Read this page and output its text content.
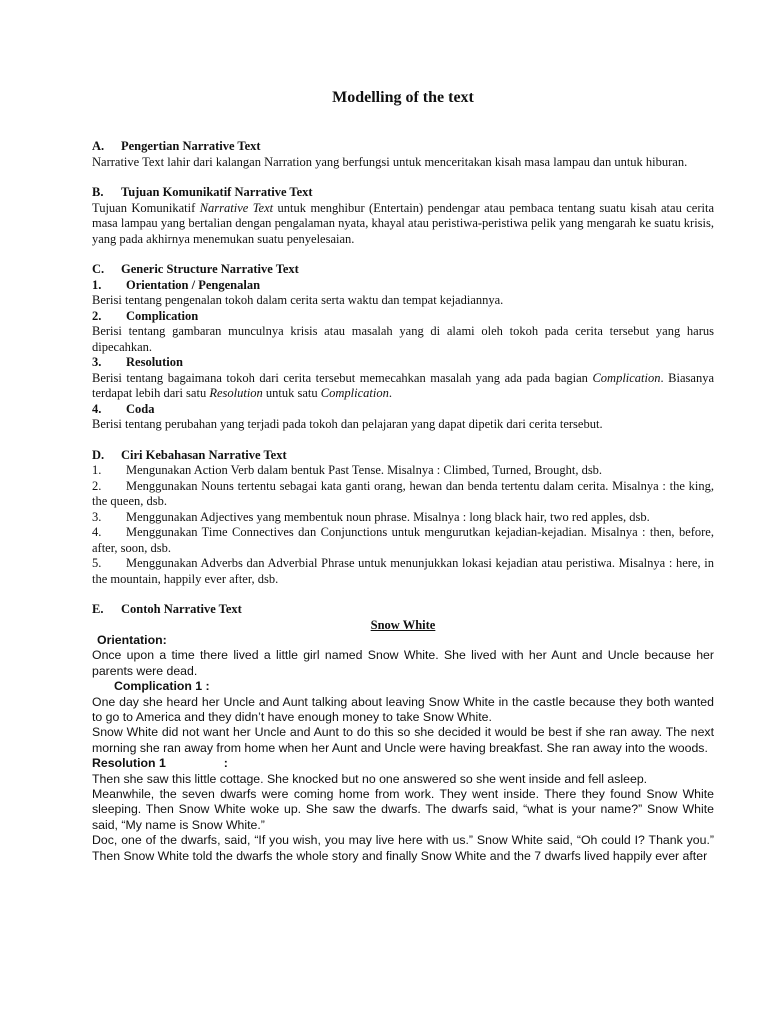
Modelling of the text
A. Pengertian Narrative Text

Narrative Text lahir dari kalangan Narration yang berfungsi untuk menceritakan kisah masa lampau dan untuk hiburan.

B. Tujuan Komunikatif Narrative Text

Tujuan Komunikatif Narrative Text untuk menghibur (Entertain) pendengar atau pembaca tentang suatu kisah atau cerita masa lampau yang bertalian dengan pengalaman nyata, khayal atau peristiwa-peristiwa pelik yang mengarah ke suatu krisis, yang pada akhirnya menemukan suatu penyelesaian.

C. Generic Structure Narrative Text
1. Orientation / Pengenalan

Berisi tentang pengenalan tokoh dalam cerita serta waktu dan tempat kejadiannya.

2. Complication

Berisi tentang gambaran munculnya krisis atau masalah yang di alami oleh tokoh pada cerita tersebut yang harus dipecahkan.

3. Resolution

Berisi tentang bagaimana tokoh dari cerita tersebut memecahkan masalah yang ada pada bagian Complication. Biasanya terdapat lebih dari satu Resolution untuk satu Complication.

4. Coda

Berisi tentang perubahan yang terjadi pada tokoh dan pelajaran yang dapat dipetik dari cerita tersebut.

D. Ciri Kebahasan Narrative Text

1. Mengunakan Action Verb dalam bentuk Past Tense. Misalnya : Climbed, Turned, Brought, dsb.

2. Menggunakan Nouns tertentu sebagai kata ganti orang, hewan dan benda tertentu dalam cerita. Misalnya : the king, the queen, dsb.

3. Menggunakan Adjectives yang membentuk noun phrase. Misalnya : long black hair, two red apples, dsb.

4. Menggunakan Time Connectives dan Conjunctions untuk mengurutkan kejadian-kejadian. Misalnya : then, before, after, soon, dsb.

5. Menggunakan Adverbs dan Adverbial Phrase untuk menunjukkan lokasi kejadian atau peristiwa. Misalnya : here, in the mountain, happily ever after, dsb.

E. Contoh Narrative Text
Snow White
Orientation:

Once upon a time there lived a little girl named Snow White. She lived with her Aunt and Uncle because her parents were dead.

Complication 1 :

One day she heard her Uncle and Aunt talking about leaving Snow White in the castle because they both wanted to go to America and they didn’t have enough money to take Snow White.

Snow White did not want her Uncle and Aunt to do this so she decided it would be best if she ran away. The next morning she ran away from home when her Aunt and Uncle were having breakfast. She ran away into the woods.

Resolution 1	:

Then she saw this little cottage. She knocked but no one answered so she went inside and fell asleep.

Meanwhile, the seven dwarfs were coming home from work. They went inside. There they found Snow White sleeping. Then Snow White woke up. She saw the dwarfs. The dwarfs said, “what is your name?” Snow White said, “My name is Snow White.”

Doc, one of the dwarfs, said, “If you wish, you may live here with us.” Snow White said, “Oh could I? Thank you.” Then Snow White told the dwarfs the whole story and finally Snow White and the 7 dwarfs lived happily ever after
